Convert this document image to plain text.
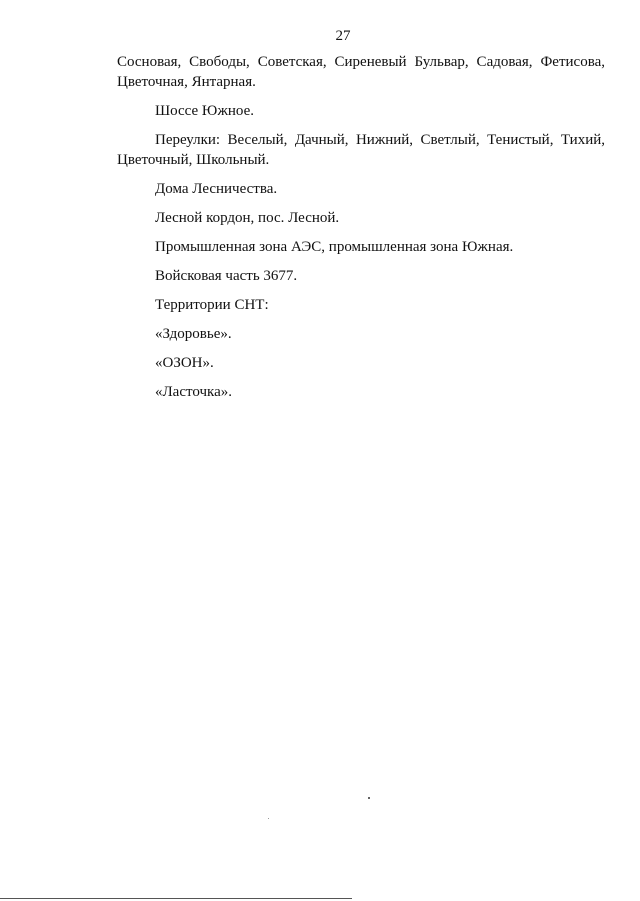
27

Сосновая, Свободы, Советская, Сиреневый Бульвар, Садовая, Фетисова, Цветочная, Янтарная.

Шоссе Южное.

Переулки: Веселый, Дачный, Нижний, Светлый, Тенистый, Тихий, Цветочный, Школьный.

Дома Лесничества.

Лесной кордон, пос. Лесной.

Промышленная зона АЭС, промышленная зона Южная.

Войсковая часть 3677.

Территории СНТ:

«Здоровье».

«ОЗОН».

«Ласточка».
